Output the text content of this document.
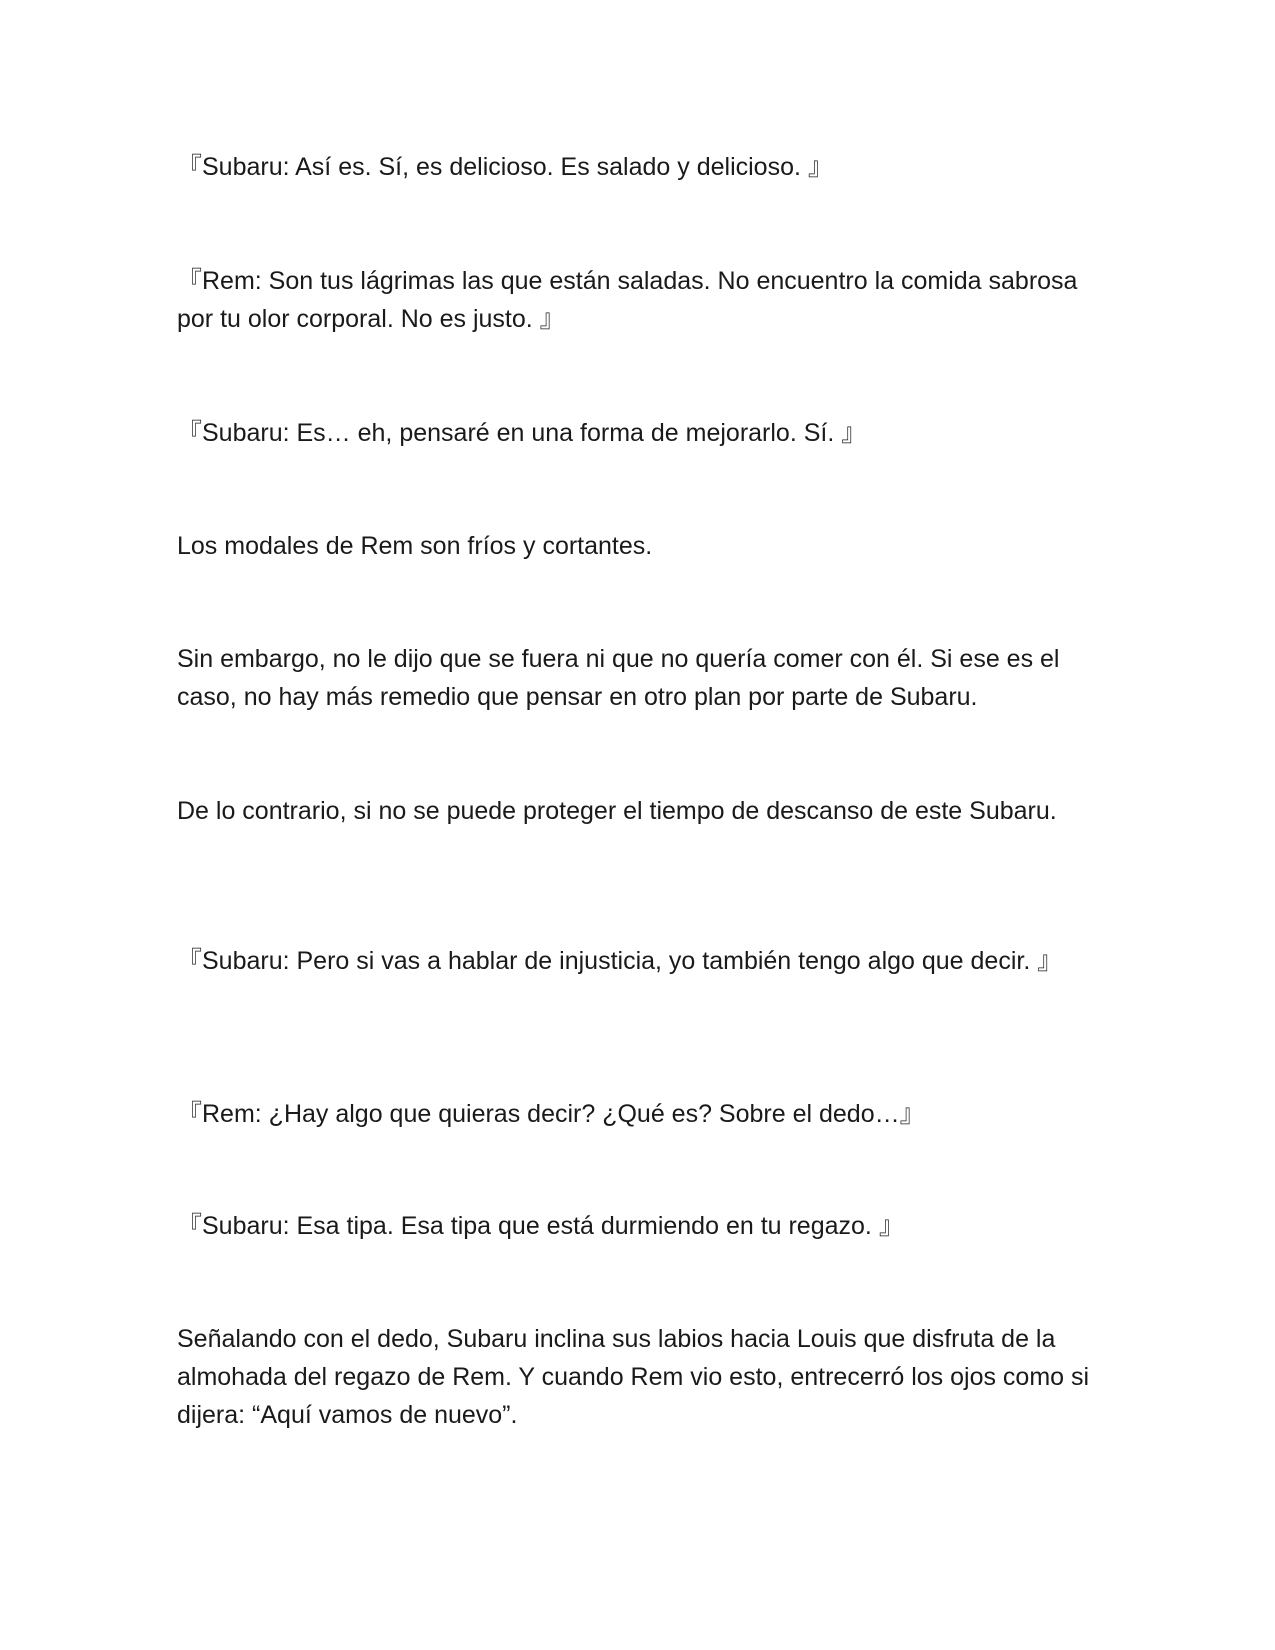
『Subaru: Así es. Sí, es delicioso. Es salado y delicioso. 』

『Rem: Son tus lágrimas las que están saladas. No encuentro la comida sabrosa por tu olor corporal. No es justo. 』

『Subaru: Es… eh, pensaré en una forma de mejorarlo. Sí. 』

Los modales de Rem son fríos y cortantes.

Sin embargo, no le dijo que se fuera ni que no quería comer con él. Si ese es el caso, no hay más remedio que pensar en otro plan por parte de Subaru.

De lo contrario, si no se puede proteger el tiempo de descanso de este Subaru.

『Subaru: Pero si vas a hablar de injusticia, yo también tengo algo que decir. 』

『Rem: ¿Hay algo que quieras decir? ¿Qué es? Sobre el dedo…』

『Subaru: Esa tipa. Esa tipa que está durmiendo en tu regazo. 』

Señalando con el dedo, Subaru inclina sus labios hacia Louis que disfruta de la almohada del regazo de Rem. Y cuando Rem vio esto, entrecerró los ojos como si dijera: “Aquí vamos de nuevo”.
